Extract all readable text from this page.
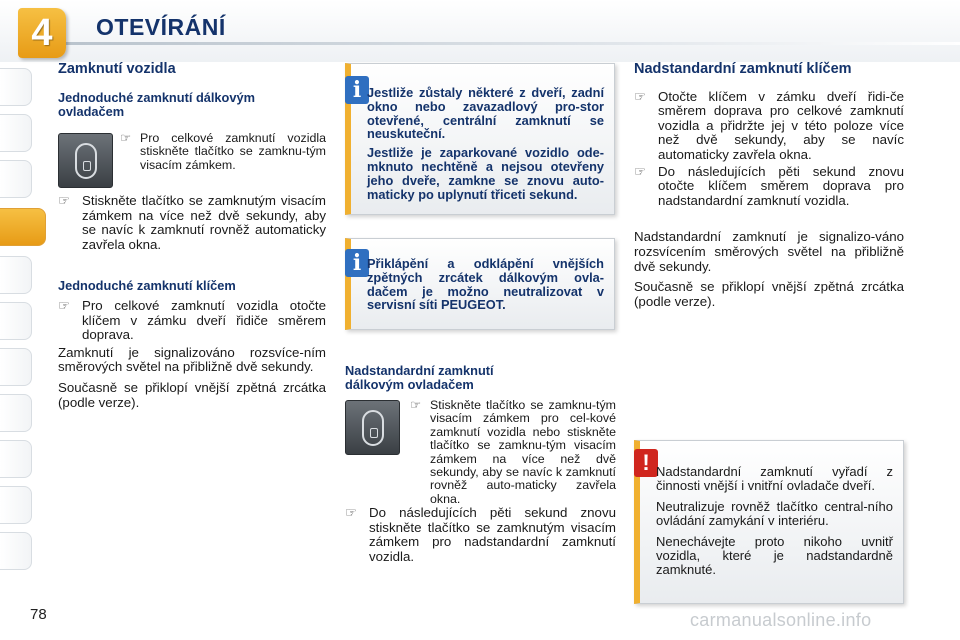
4	OTEVÍRÁNÍ
Zamknutí vozidla
Jednoduché zamknutí dálkovým ovladačem
☞ Pro celkové zamknutí vozidla stiskněte tlačítko se zamknu-tým visacím zámkem.
☞ Stiskněte tlačítko se zamknutým visacím zámkem na více než dvě sekundy, aby se navíc k zamknutí rovněž automaticky zavřela okna.
Jednoduché zamknutí klíčem
☞ Pro celkové zamknutí vozidla otočte klíčem v zámku dveří řidiče směrem doprava.
Zamknutí je signalizováno rozsvíce-ním směrových světel na přibližně dvě sekundy.
Současně se přiklopí vnější zpětná zrcátka (podle verze).
i Jestliže zůstaly některé z dveří, zadní okno nebo zavazadlový pro-stor otevřené, centrální zamknutí se neuskuteční.
Jestliže je zaparkované vozidlo ode-mknuto nechtěně a nejsou otevřeny jeho dveře, zamkne se znovu auto-maticky po uplynutí třiceti sekund.
i Přiklápění a odklápění vnějších zpětných zrcátek dálkovým ovla-dačem je možno neutralizovat v servisní síti PEUGEOT.
Nadstandardní zamknutí dálkovým ovladačem
☞ Stiskněte tlačítko se zamknu-tým visacím zámkem pro cel-kové zamknutí vozidla nebo stiskněte tlačítko se zamknu-tým visacím zámkem na více než dvě sekundy, aby se navíc k zamknutí rovněž auto-maticky zavřela okna.
☞ Do následujících pěti sekund znovu stiskněte tlačítko se zamknutým visacím zámkem pro nadstandardní zamknutí vozidla.
Nadstandardní zamknutí klíčem
☞ Otočte klíčem v zámku dveří řidi-če směrem doprava pro celkové zamknutí vozidla a přidržte jej v této poloze více než dvě sekundy, aby se navíc automaticky zavřela okna.
☞ Do následujících pěti sekund znovu otočte klíčem směrem doprava pro nadstandardní zamknutí vozidla.
Nadstandardní zamknutí je signalizo-váno rozsvícením směrových světel na přibližně dvě sekundy.
Současně se přiklopí vnější zpětná zrcátka (podle verze).
! Nadstandardní zamknutí vyřadí z činnosti vnější i vnitřní ovladače dveří.
Neutralizuje rovněž tlačítko central-ního ovládání zamykání v interiéru.
Nenechávejte proto nikoho uvnitř vozidla, které je nadstandardně zamknuté.
78	carmanualsonline.info
